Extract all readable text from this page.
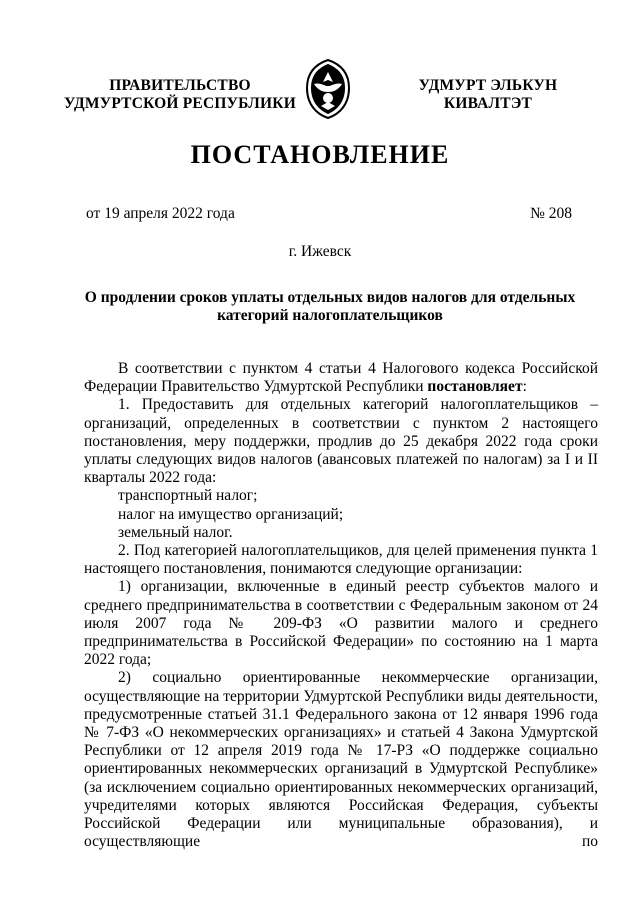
ПРАВИТЕЛЬСТВО
УДМУРТСКОЙ РЕСПУБЛИКИ
УДМУРТ ЭЛЬКУН
КИВАЛТЭТ
ПОСТАНОВЛЕНИЕ
от 19 апреля 2022 года	№ 208
г. Ижевск
О продлении сроков уплаты отдельных видов налогов для отдельных
категорий налогоплательщиков

В соответствии с пунктом 4 статьи 4 Налогового кодекса Российской Федерации Правительство Удмуртской Республики постановляет:

1. Предоставить для отдельных категорий налогоплательщиков – организаций, определенных в соответствии с пунктом 2 настоящего постановления, меру поддержки, продлив до 25 декабря 2022 года сроки уплаты следующих видов налогов (авансовых платежей по налогам) за I и II кварталы 2022 года:

транспортный налог;

налог на имущество организаций;

земельный налог.

2. Под категорией налогоплательщиков, для целей применения пункта 1 настоящего постановления, понимаются следующие организации:

1) организации, включенные в единый реестр субъектов малого и среднего предпринимательства в соответствии с Федеральным законом от 24 июля 2007 года № 209-ФЗ «О развитии малого и среднего предпринимательства в Российской Федерации» по состоянию на 1 марта 2022 года;

2) социально ориентированные некоммерческие организации, осуществляющие на территории Удмуртской Республики виды деятельности, предусмотренные статьей 31.1 Федерального закона от 12 января 1996 года № 7-ФЗ «О некоммерческих организациях» и статьей 4 Закона Удмуртской Республики от 12 апреля 2019 года № 17-РЗ «О поддержке социально ориентированных некоммерческих организаций в Удмуртской Республике» (за исключением социально ориентированных некоммерческих организаций, учредителями которых являются Российская Федерация, субъекты Российской Федерации или муниципальные образования), и осуществляющие по
